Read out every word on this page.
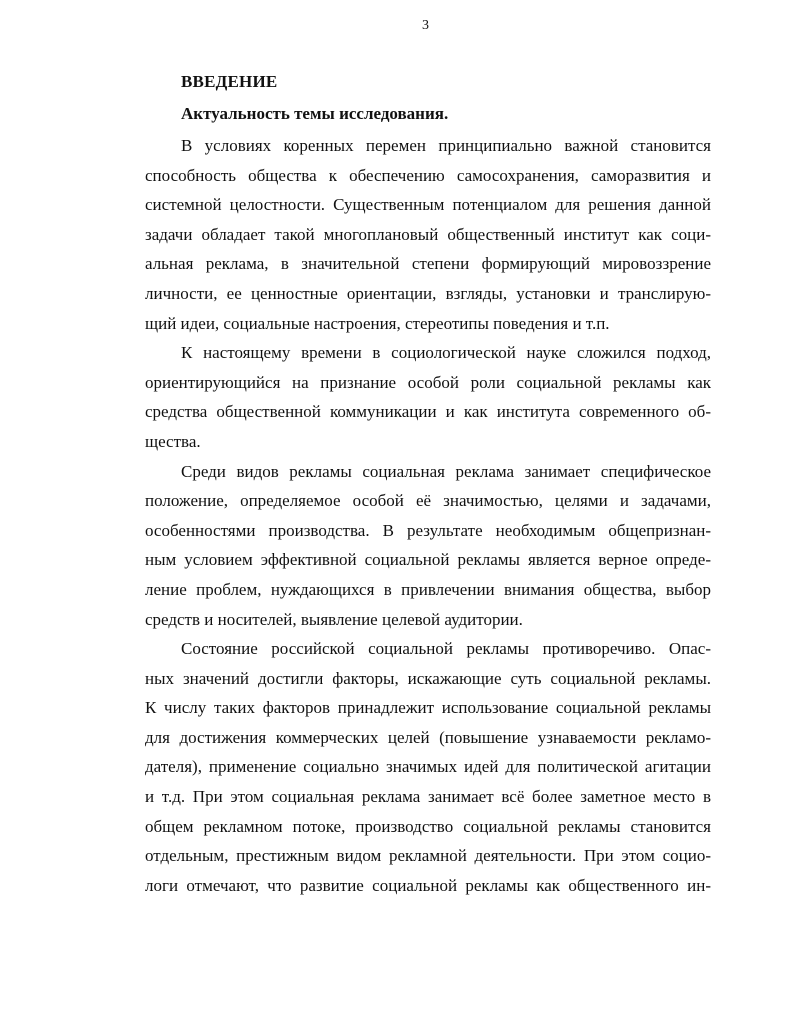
3
ВВЕДЕНИЕ
Актуальность темы исследования.
В условиях коренных перемен принципиально важной становится
способность общества к обеспечению самосохранения, саморазвития и
системной целостности. Существенным потенциалом для решения данной
задачи обладает такой многоплановый общественный институт как соци-
альная реклама, в значительной степени формирующий мировоззрение
личности, ее ценностные ориентации, взгляды, установки и транслирую-
щий идеи, социальные настроения, стереотипы поведения и т.п.
К настоящему времени в социологической науке сложился подход,
ориентирующийся на признание особой роли социальной рекламы как
средства общественной коммуникации и как института современного об-
щества.
Среди видов рекламы социальная реклама занимает специфическое
положение, определяемое особой её значимостью, целями и задачами,
особенностями производства. В результате необходимым общепризнан-
ным условием эффективной социальной рекламы является верное опреде-
ление проблем, нуждающихся в привлечении внимания общества, выбор
средств и носителей, выявление целевой аудитории.
Состояние российской социальной рекламы противоречиво. Опас-
ных значений достигли факторы, искажающие суть социальной рекламы.
К числу таких факторов принадлежит использование социальной рекламы
для достижения коммерческих целей (повышение узнаваемости рекламо-
дателя), применение социально значимых идей для политической агитации
и т.д. При этом социальная реклама занимает всё более заметное место в
общем рекламном потоке, производство социальной рекламы становится
отдельным, престижным видом рекламной деятельности. При этом социо-
логи отмечают, что развитие социальной рекламы как общественного ин-
